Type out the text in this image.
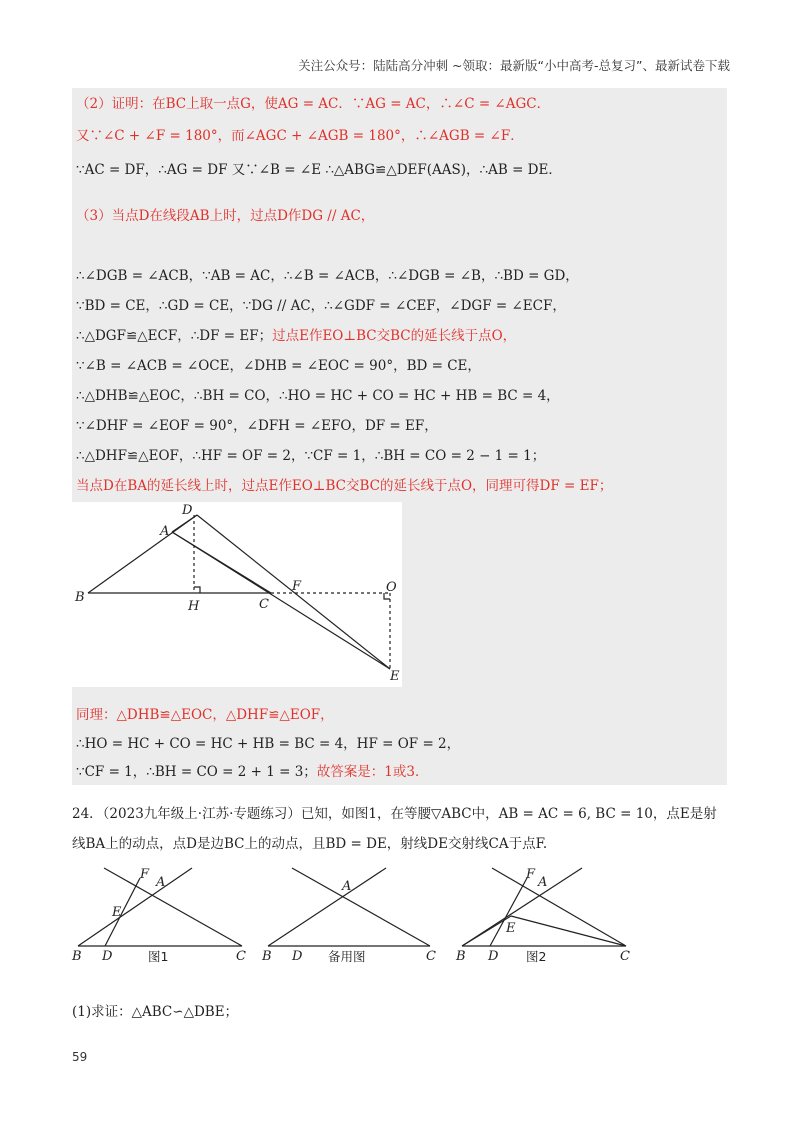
关注公众号：陆陆高分冲刺 ~领取：最新版“小中高考-总复习”、最新试卷下载
（2）证明：在BC上取一点G，使AG = AC．∵AG = AC，∴∠C = ∠AGC．
又∵∠C + ∠F = 180°，而∠AGC + ∠AGB = 180°，∴∠AGB = ∠F．
∵AC = DF，∴AG = DF 又∵∠B = ∠E ∴△ABG≌△DEF(AAS)，∴AB = DE．
（3）当点D在线段AB上时，过点D作DG // AC，
∴∠DGB = ∠ACB，∵AB = AC，∴∠B = ∠ACB，∴∠DGB = ∠B，∴BD = GD，
∵BD = CE，∴GD = CE，∵DG // AC，∴∠GDF = ∠CEF，∠DGF = ∠ECF，
∴△DGF≌△ECF，∴DF = EF；过点E作EO⊥BC交BC的延长线于点O，
∵∠B = ∠ACB = ∠OCE，∠DHB = ∠EOC = 90°，BD = CE，
∴△DHB≌△EOC，∴BH = CO，∴HO = HC + CO = HC + HB = BC = 4，
∵∠DHF = ∠EOF = 90°，∠DFH = ∠EFO，DF = EF，
∴△DHF≌△EOF，∴HF = OF = 2，∵CF = 1，∴BH = CO = 2 − 1 = 1；
当点D在BA的延长线上时，过点E作EO⊥BC交BC的延长线于点O，同理可得DF = EF；
D
A
B
H	C
F	O
E
同理：△DHB≌△EOC，△DHF≌△EOF，
∴HO = HC + CO = HC + HB = BC = 4，HF = OF = 2，
∵CF = 1，∴BH = CO = 2 + 1 = 3；故答案是：1或3．
24．（2023九年级上·江苏·专题练习）已知，如图1，在等腰▽ABC中，AB = AC = 6, BC = 10，点E是射
线BA上的动点，点D是边BC上的动点，且BD = DE，射线DE交射线CA于点F.
F
A
E
B D	C
图1
A
B D	C
备用图
F
A
E
B D	C
图2
(1)求证：△ABC∽△DBE；
59
